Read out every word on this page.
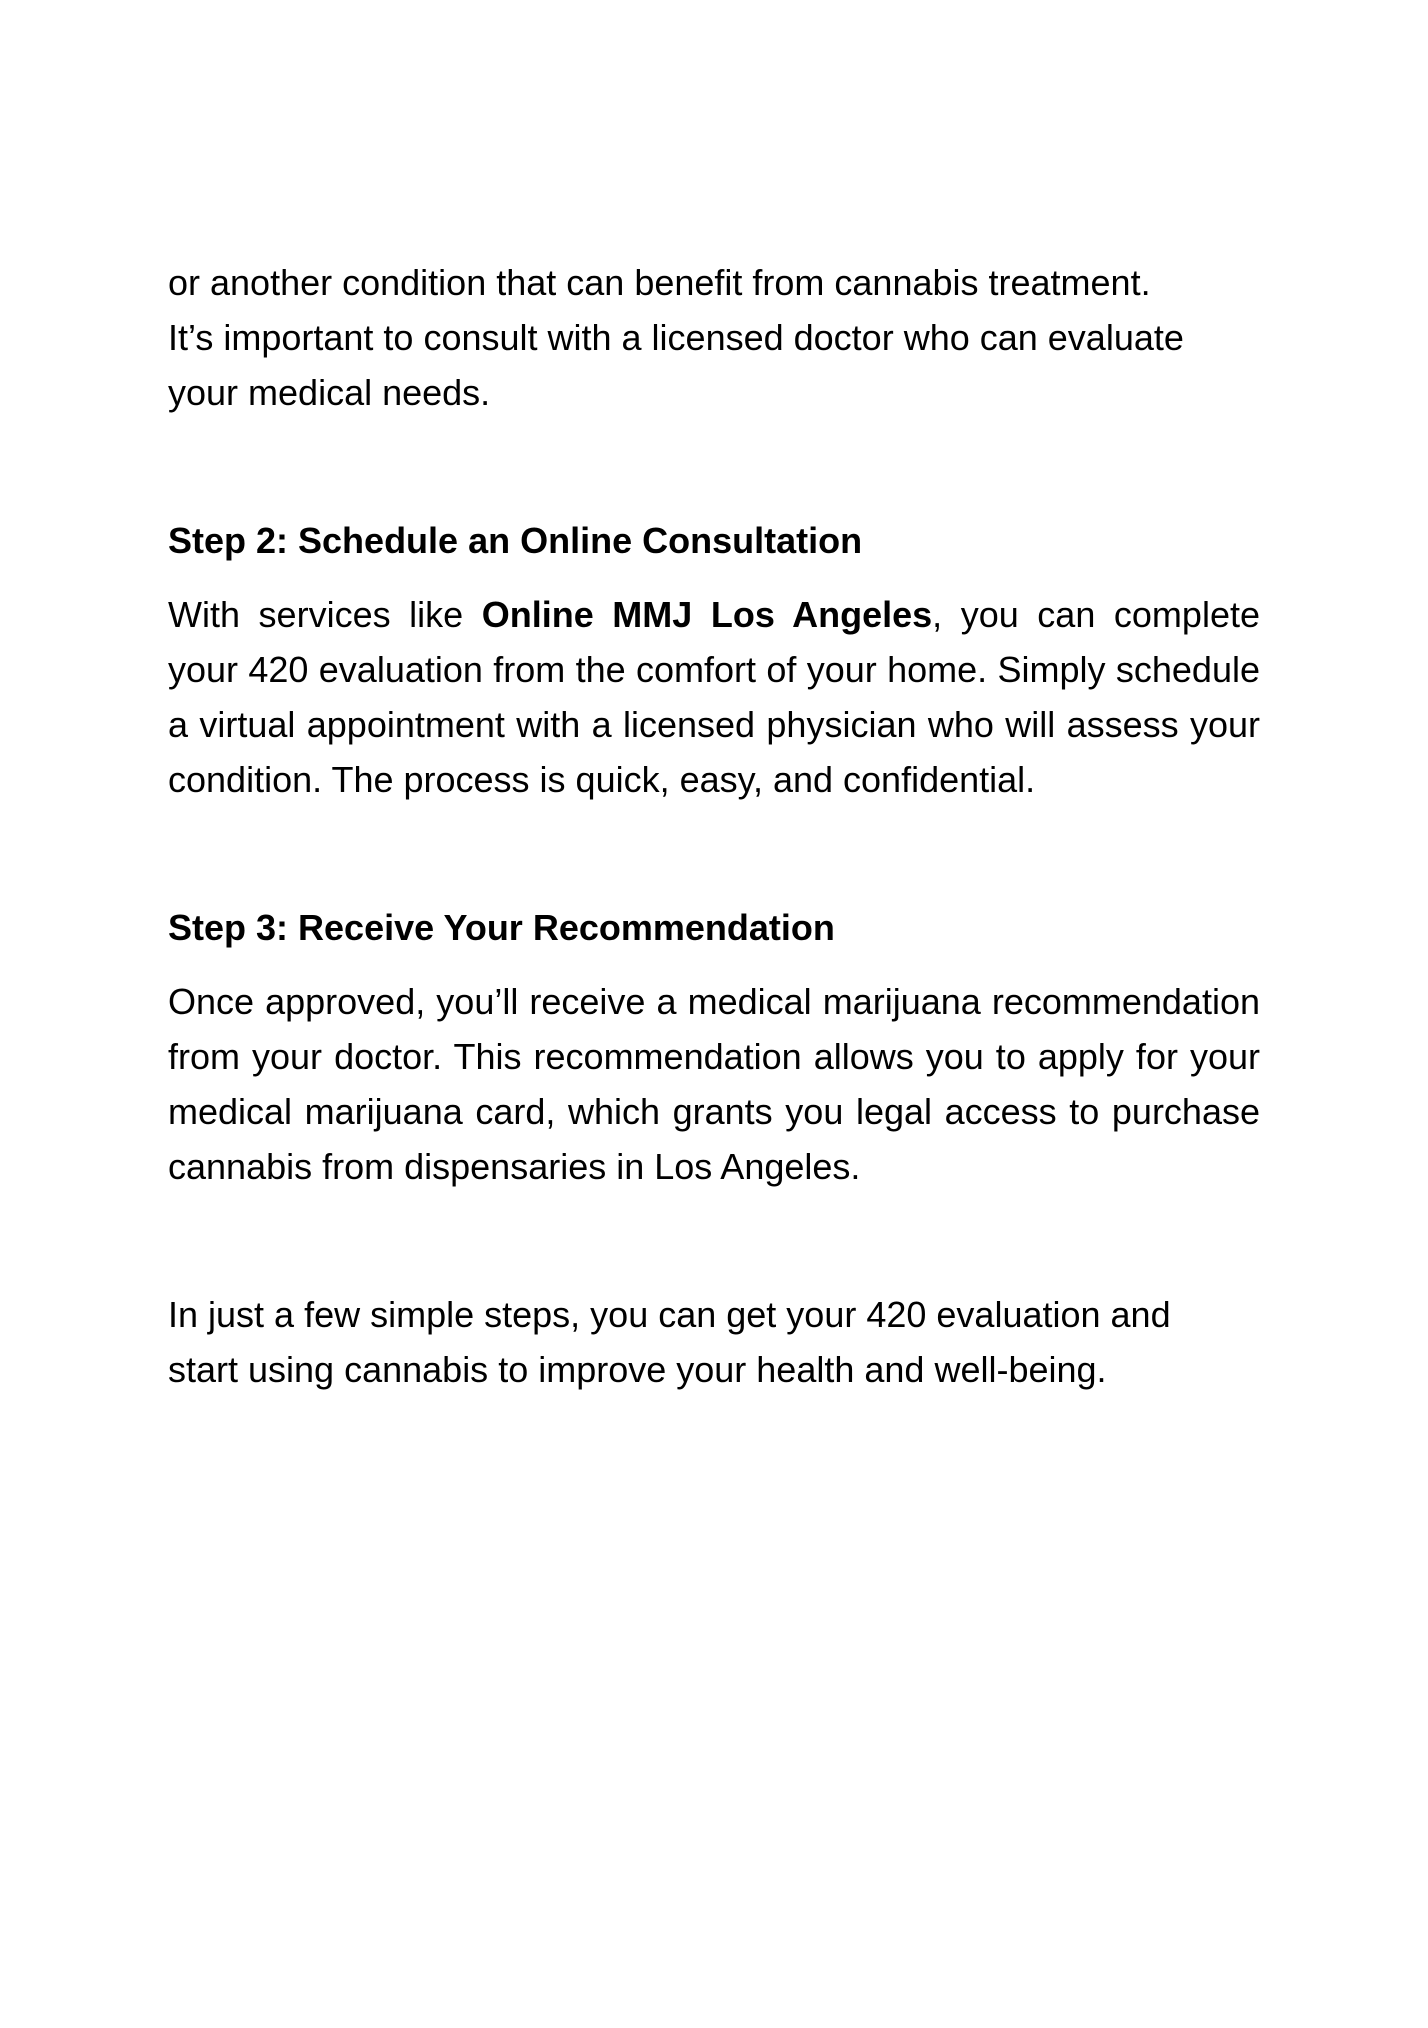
or another condition that can benefit from cannabis treatment.
It’s important to consult with a licensed doctor who can evaluate
your medical needs.

Step 2: Schedule an Online Consultation

With services like Online MMJ Los Angeles, you can complete your 420 evaluation from the comfort of your home. Simply schedule a virtual appointment with a licensed physician who will assess your condition. The process is quick, easy, and confidential.

Step 3: Receive Your Recommendation

Once approved, you’ll receive a medical marijuana recommendation from your doctor. This recommendation allows you to apply for your medical marijuana card, which grants you legal access to purchase cannabis from dispensaries in Los Angeles.

In just a few simple steps, you can get your 420 evaluation and
start using cannabis to improve your health and well-being.
